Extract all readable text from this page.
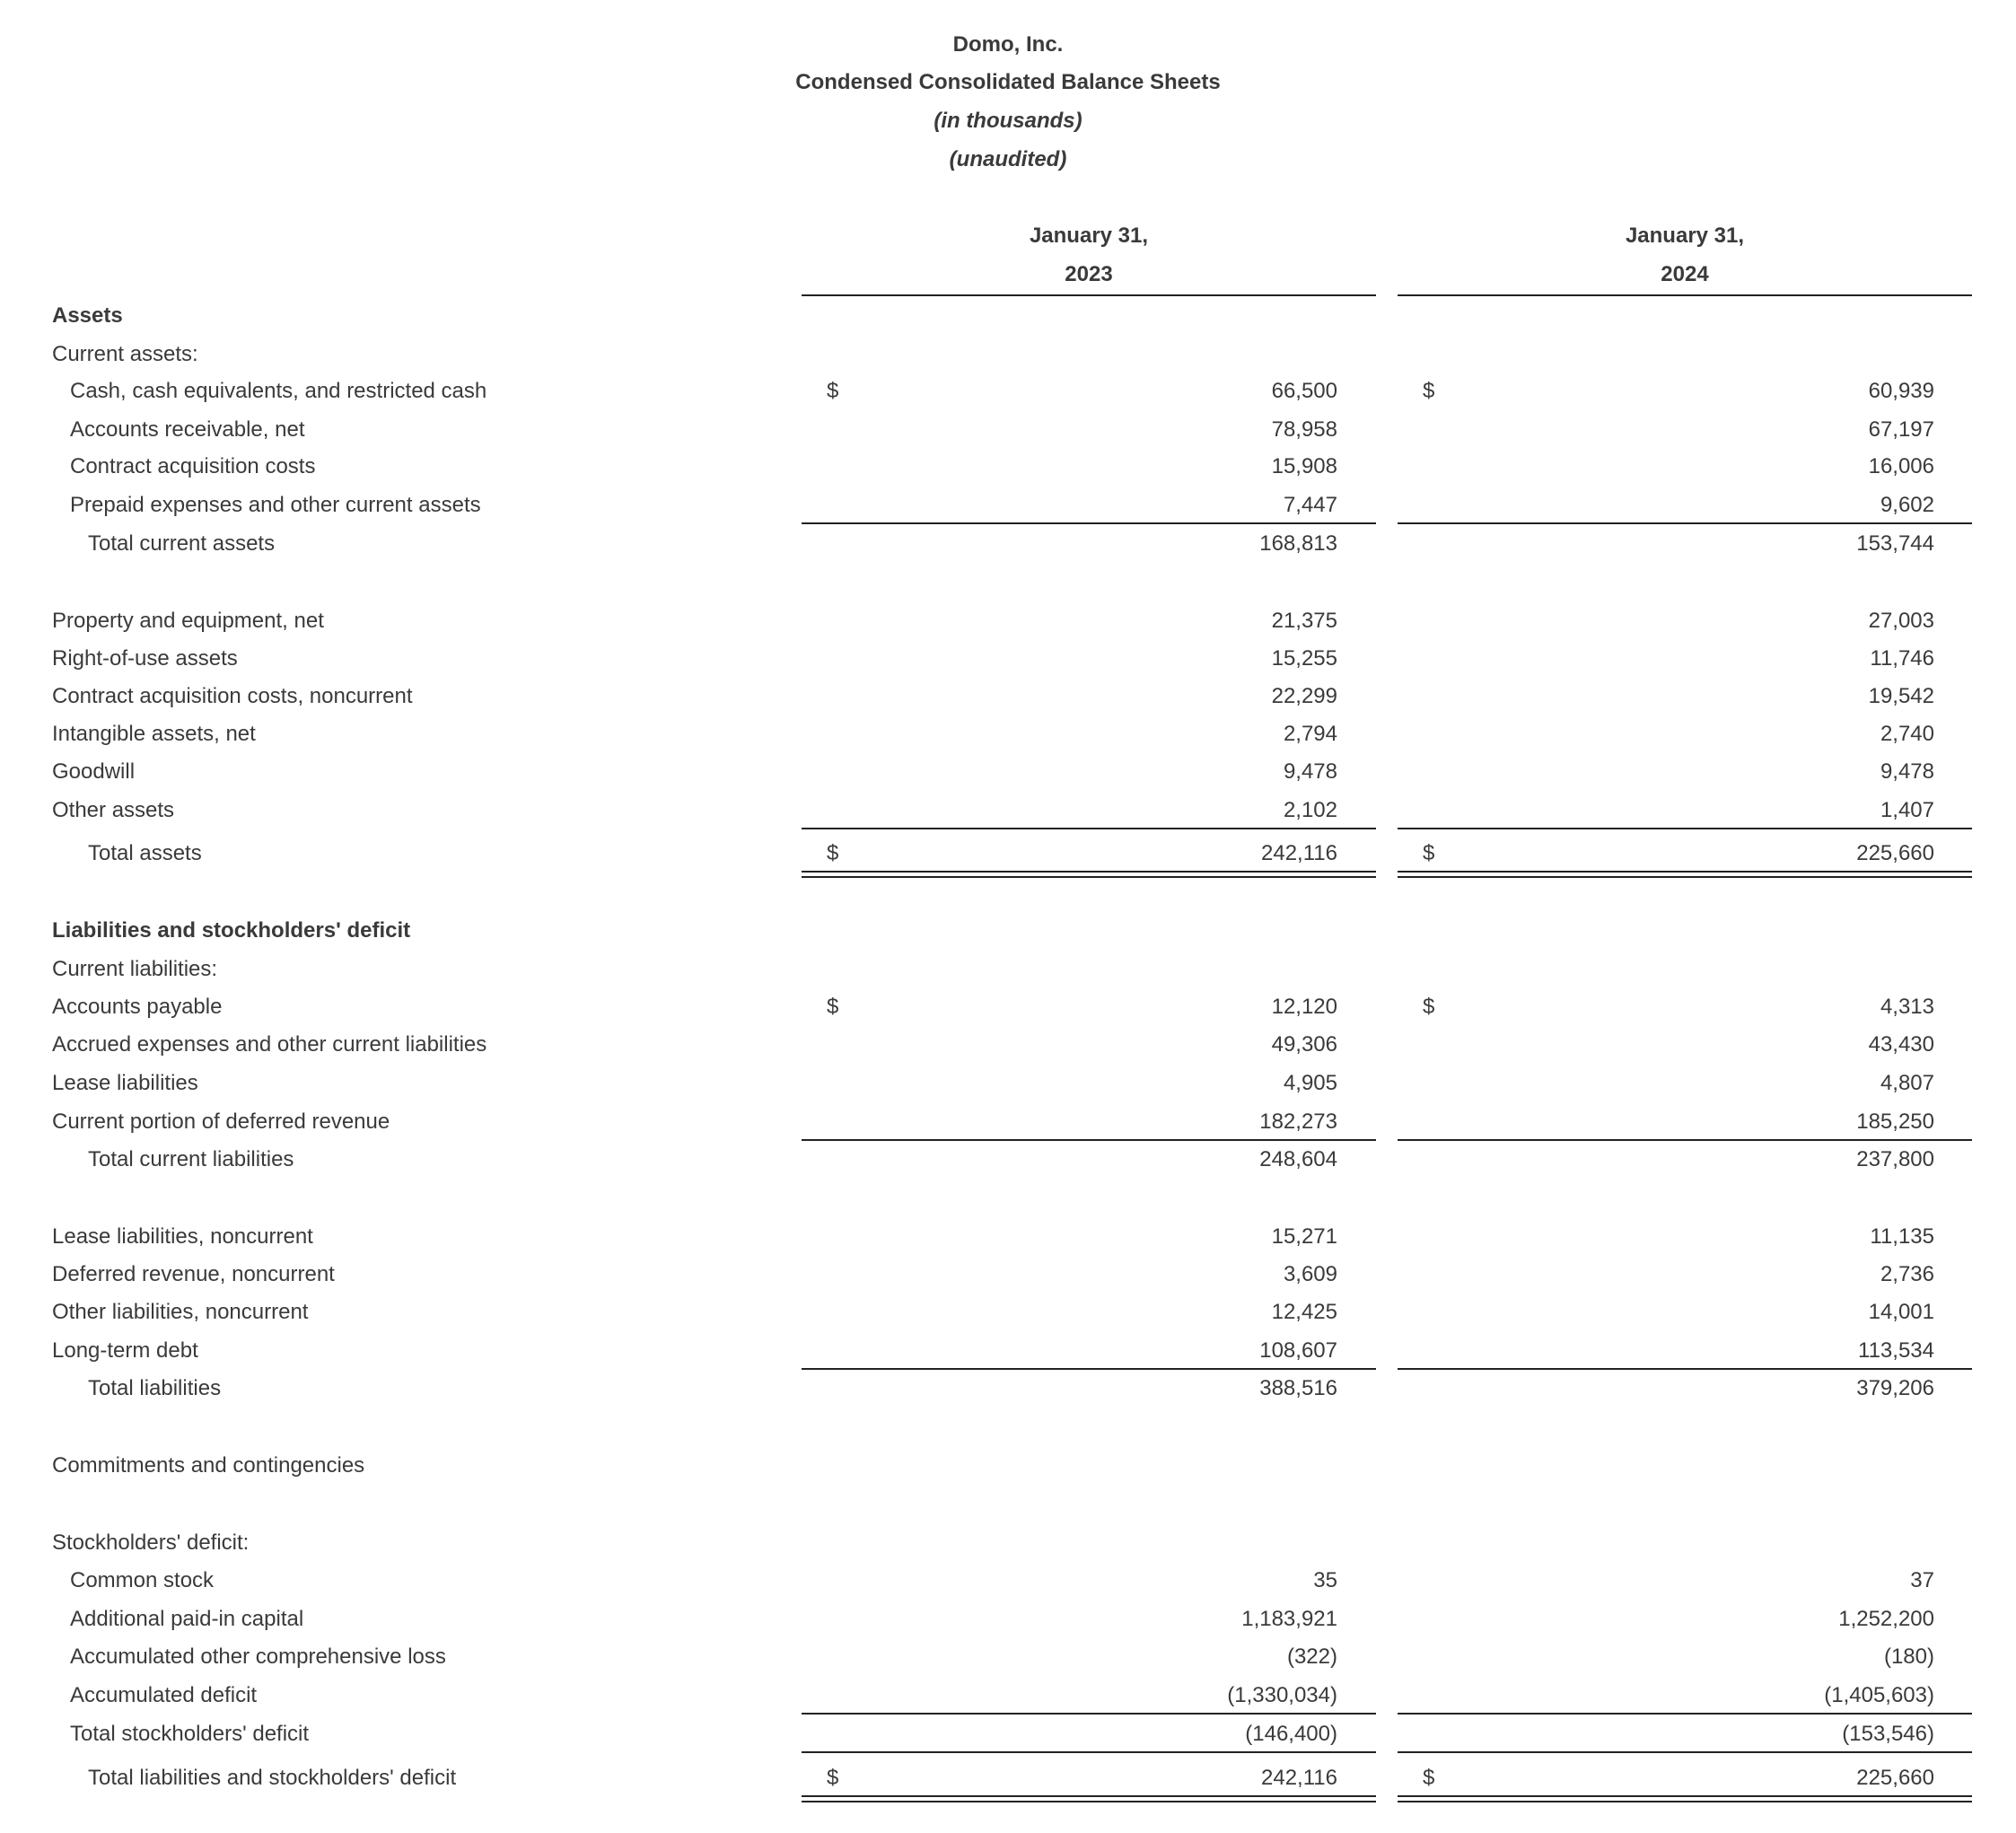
Domo, Inc.
Condensed Consolidated Balance Sheets
(in thousands)
(unaudited)
January 31,
2023
January 31,
2024
Assets
Current assets:
Cash, cash equivalents, and restricted cash	$	66,500	$	60,939
Accounts receivable, net	78,958	67,197
Contract acquisition costs	15,908	16,006
Prepaid expenses and other current assets	7,447	9,602
Total current assets	168,813	153,744
Property and equipment, net	21,375	27,003
Right-of-use assets	15,255	11,746
Contract acquisition costs, noncurrent	22,299	19,542
Intangible assets, net	2,794	2,740
Goodwill	9,478	9,478
Other assets	2,102	1,407
Total assets	$	242,116	$	225,660
Liabilities and stockholders' deficit
Current liabilities:
Accounts payable	$	12,120	$	4,313
Accrued expenses and other current liabilities	49,306	43,430
Lease liabilities	4,905	4,807
Current portion of deferred revenue	182,273	185,250
Total current liabilities	248,604	237,800
Lease liabilities, noncurrent	15,271	11,135
Deferred revenue, noncurrent	3,609	2,736
Other liabilities, noncurrent	12,425	14,001
Long-term debt	108,607	113,534
Total liabilities	388,516	379,206
Commitments and contingencies
Stockholders' deficit:
Common stock	35	37
Additional paid-in capital	1,183,921	1,252,200
Accumulated other comprehensive loss	(322)	(180)
Accumulated deficit	(1,330,034)	(1,405,603)
Total stockholders' deficit	(146,400)	(153,546)
Total liabilities and stockholders' deficit	$	242,116	$	225,660
